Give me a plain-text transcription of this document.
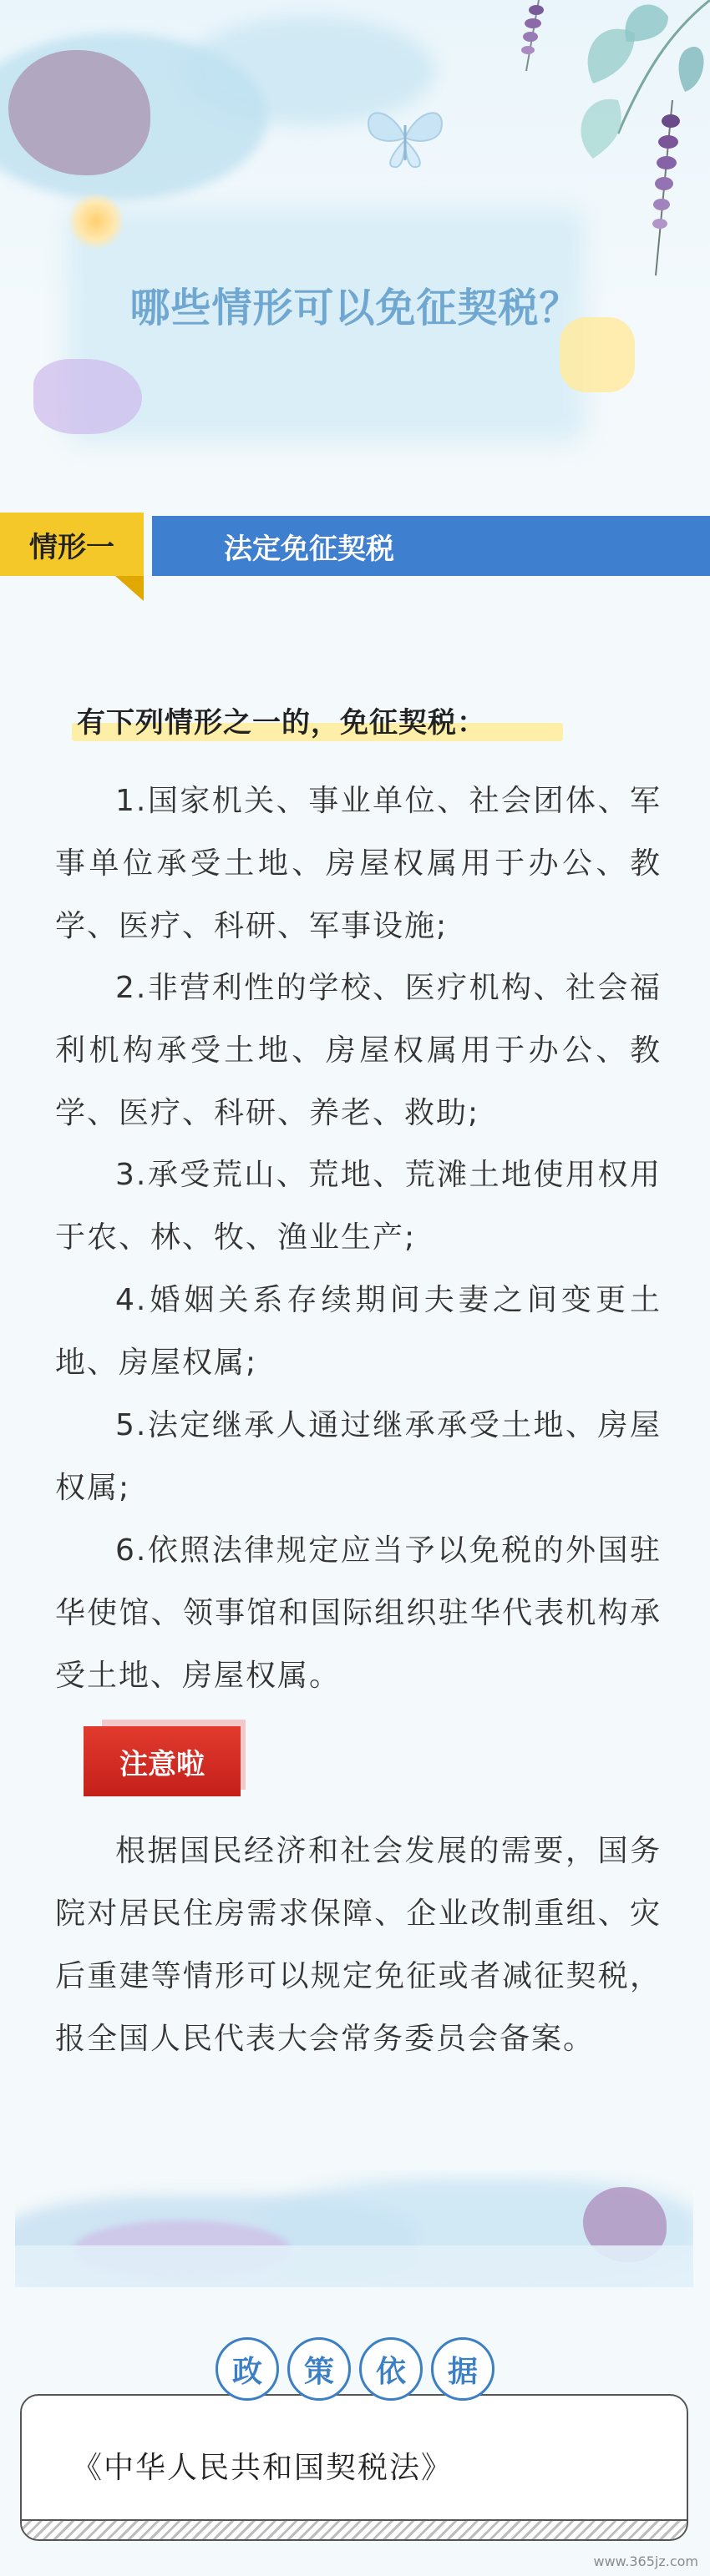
哪些情形可以免征契税？
情形一	法定免征契税
有下列情形之一的，免征契税：
1.国家机关、事业单位、社会团体、军事单位承受土地、房屋权属用于办公、教学、医疗、科研、军事设施;
2.非营利性的学校、医疗机构、社会福利机构承受土地、房屋权属用于办公、教学、医疗、科研、养老、救助;
3.承受荒山、荒地、荒滩土地使用权用于农、林、牧、渔业生产;
4.婚姻关系存续期间夫妻之间变更土地、房屋权属;
5.法定继承人通过继承承受土地、房屋权属;
6.依照法律规定应当予以免税的外国驻华使馆、领事馆和国际组织驻华代表机构承受土地、房屋权属。
注意啦
根据国民经济和社会发展的需要，国务院对居民住房需求保障、企业改制重组、灾后重建等情形可以规定免征或者减征契税，报全国人民代表大会常务委员会备案。
《中华人民共和国契税法》
政	策	依	据
www.365jz.com
